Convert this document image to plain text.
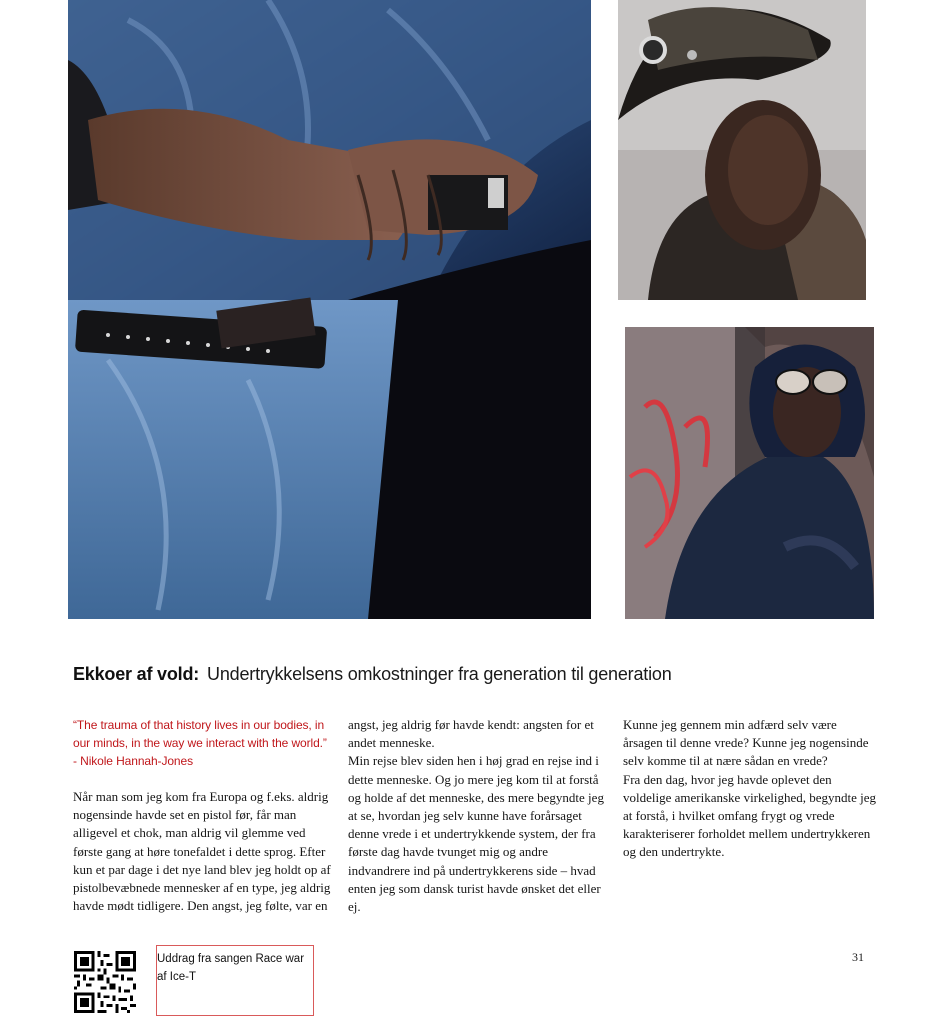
Ekkoer af vold: Undertrykkelsens omkostninger fra generation til generation

“The trauma of that history lives in our bodies, in our minds, in the way we interact with the world.” - Nikole Hannah-Jones

Når man som jeg kom fra Europa og f.eks. aldrig nogensinde havde set en pistol før, får man alligevel et chok, man aldrig vil glemme ved første gang at høre tonefaldet i dette sprog. Efter kun et par dage i det nye land blev jeg holdt op af pistolbevæbnede mennesker af en type, jeg aldrig havde mødt tidligere. Den angst, jeg følte, var en

angst, jeg aldrig før havde kendt: angsten for et andet menneske.

Min rejse blev siden hen i høj grad en rejse ind i dette menneske. Og jo mere jeg kom til at forstå og holde af det menneske, des mere begyndte jeg at se, hvordan jeg selv kunne have forårsaget denne vrede i et undertrykkende system, der fra første dag havde tvunget mig og andre indvandrere ind på undertrykkerens side – hvad enten jeg som dansk turist havde ønsket det eller ej.

Kunne jeg gennem min adfærd selv være årsagen til denne vrede? Kunne jeg nogensinde selv komme til at nære sådan en vrede?

Fra den dag, hvor jeg havde oplevet den voldelige amerikanske virkelighed, begyndte jeg at forstå, i hvilket omfang frygt og vrede karakteriserer forholdet mellem undertrykkeren og den undertrykte.

Uddrag fra sangen Race war af Ice-T
31
